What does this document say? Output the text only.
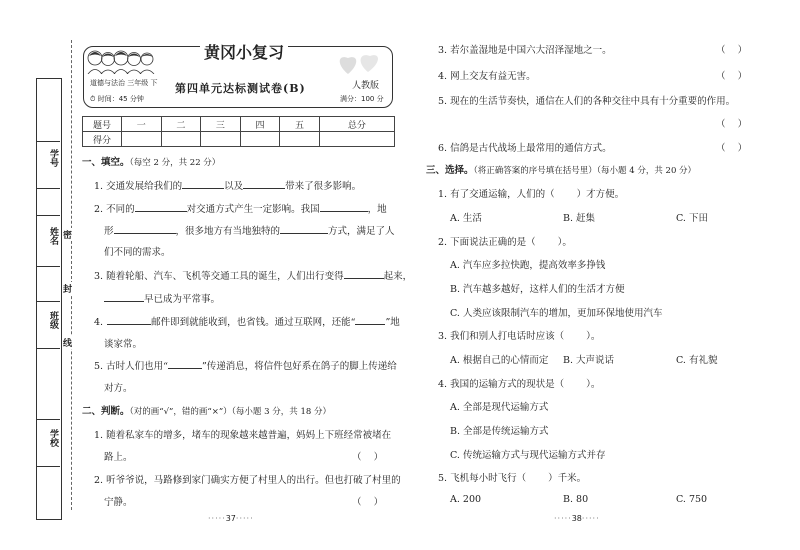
学号
姓名
班级
学校
密
封
线
黄冈小复习
道德与法治 三年级 下
⏱ 时间：45 分钟
第四单元达标测试卷(B)	人教版
满分：100 分
题号	一	二	三	四	五	总分
得分						
一、填空。（每空 2 分，共 22 分）
1. 交通发展给我们的	以及	带来了很多影响。
2. 不同的	对交通方式产生一定影响。我国	，地
形	，很多地方有当地独特的	方式，满足了人
们不同的需求。
3. 随着轮船、汽车、飞机等交通工具的诞生，人们出行变得	起来，
早已成为平常事。
4.	邮件即到就能收到，也省钱。通过互联网，还能“	”地
谈家常。
5. 古时人们也用“	”传递消息，将信件包好系在鸽子的脚上传递给
对方。
二、判断。（对的画“√”，错的画“×”）（每小题 3 分，共 18 分）
1. 随着私家车的增多，堵车的现象越来越普遍，妈妈上下班经常被堵在
路上。	（    ）
2. 听爷爷说，马路修到家门确实方便了村里人的出行。但也打破了村里的
宁静。	（    ）
·····37·····
3. 若尔盖湿地是中国六大沼泽湿地之一。	（    ）
4. 网上交友有益无害。	（    ）
5. 现在的生活节奏快，通信在人们的各种交往中具有十分重要的作用。
（    ）
6. 信鸽是古代战场上最常用的通信方式。	（    ）
三、选择。（将正确答案的序号填在括号里）（每小题 4 分，共 20 分）
1. 有了交通运输，人们的（ ）才方便。
A. 生活	B. 赶集	C. 下田
2. 下面说法正确的是（ ）。
A. 汽车应多拉快跑，提高效率多挣钱
B. 汽车越多越好，这样人们的生活才方便
C. 人类应该限制汽车的增加，更加环保地使用汽车
3. 我们和别人打电话时应该（ ）。
A. 根据自己的心情而定 B. 大声说话	C. 有礼貌
4. 我国的运输方式的现状是（ ）。
A. 全部是现代运输方式
B. 全部是传统运输方式
C. 传统运输方式与现代运输方式并存
5. 飞机每小时飞行（ ）千米。
A. 200	B. 80	C. 750
·····38·····
